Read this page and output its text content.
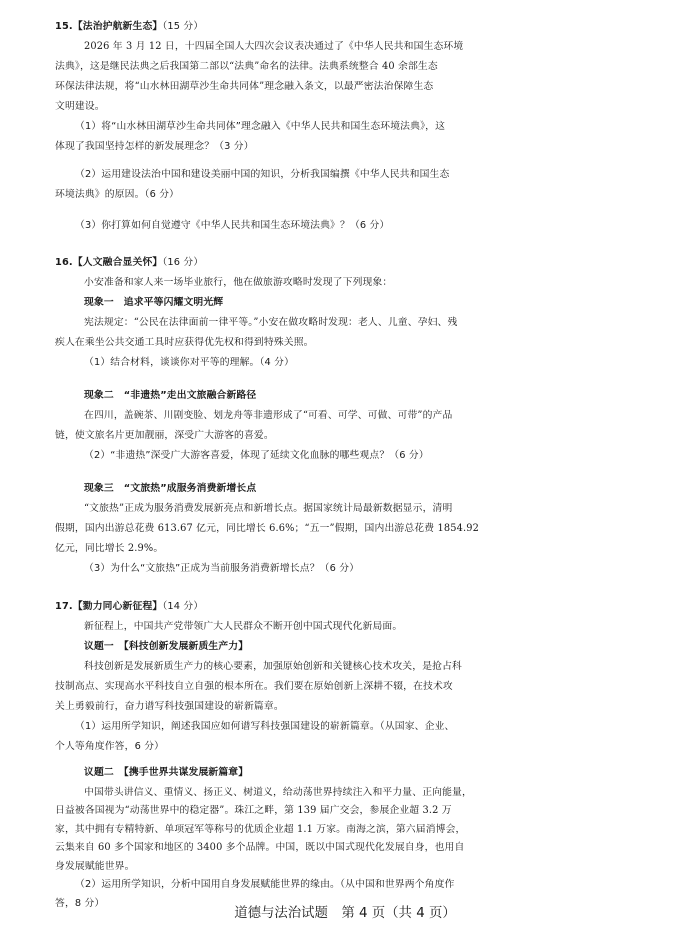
15.【法治护航新生态】（15 分）
2026 年 3 月 12 日，十四届全国人大四次会议表决通过了《中华人民共和国生态环境
法典》，这是继民法典之后我国第二部以“法典”命名的法律。法典系统整合 40 余部生态
环保法律法规，将“山水林田湖草沙生命共同体”理念融入条文，以最严密法治保障生态
文明建设。
（1）将“山水林田湖草沙生命共同体”理念融入《中华人民共和国生态环境法典》，这
体现了我国坚持怎样的新发展理念？（3 分）
（2）运用建设法治中国和建设美丽中国的知识，分析我国编撰《中华人民共和国生态
环境法典》的原因。（6 分）
（3）你打算如何自觉遵守《中华人民共和国生态环境法典》？（6 分）
16.【人文融合显关怀】（16 分）
小安准备和家人来一场毕业旅行，他在做旅游攻略时发现了下列现象：
现象一　追求平等闪耀文明光辉
宪法规定：“公民在法律面前一律平等。”小安在做攻略时发现：老人、儿童、孕妇、残
疾人在乘坐公共交通工具时应获得优先权和得到特殊关照。
（1）结合材料，谈谈你对平等的理解。（4 分）
现象二　“非遗热”走出文旅融合新路径
在四川，盖碗茶、川剧变脸、划龙舟等非遗形成了“可看、可学、可做、可带”的产品
链，使文旅名片更加靓丽，深受广大游客的喜爱。
（2）“非遗热”深受广大游客喜爱，体现了延续文化血脉的哪些观点？（6 分）
现象三　“文旅热”成服务消费新增长点
“文旅热”正成为服务消费发展新亮点和新增长点。据国家统计局最新数据显示，清明
假期，国内出游总花费 613.67 亿元，同比增长 6.6%；“五一”假期，国内出游总花费 1854.92
亿元，同比增长 2.9%。
（3）为什么“文旅热”正成为当前服务消费新增长点？（6 分）
17.【勠力同心新征程】（14 分）
新征程上，中国共产党带领广大人民群众不断开创中国式现代化新局面。
议题一　【科技创新发展新质生产力】
科技创新是发展新质生产力的核心要素，加强原始创新和关键核心技术攻关，是抢占科
技制高点、实现高水平科技自立自强的根本所在。我们要在原始创新上深耕不辍，在技术攻
关上勇毅前行，奋力谱写科技强国建设的崭新篇章。
（1）运用所学知识，阐述我国应如何谱写科技强国建设的崭新篇章。（从国家、企业、
个人等角度作答，6 分）
议题二　【携手世界共谋发展新篇章】
中国带头讲信义、重情义、扬正义、树道义，给动荡世界持续注入和平力量、正向能量，
日益被各国视为“动荡世界中的稳定器”。珠江之畔，第 139 届广交会，参展企业超 3.2 万
家，其中拥有专精特新、单项冠军等称号的优质企业超 1.1 万家。南海之滨，第六届消博会，
云集来自 60 多个国家和地区的 3400 多个品牌。中国，既以中国式现代化发展自身，也用自
身发展赋能世界。
（2）运用所学知识，分析中国用自身发展赋能世界的缘由。（从中国和世界两个角度作
答，8 分）
道德与法治试题　第 4 页（共 4 页）
